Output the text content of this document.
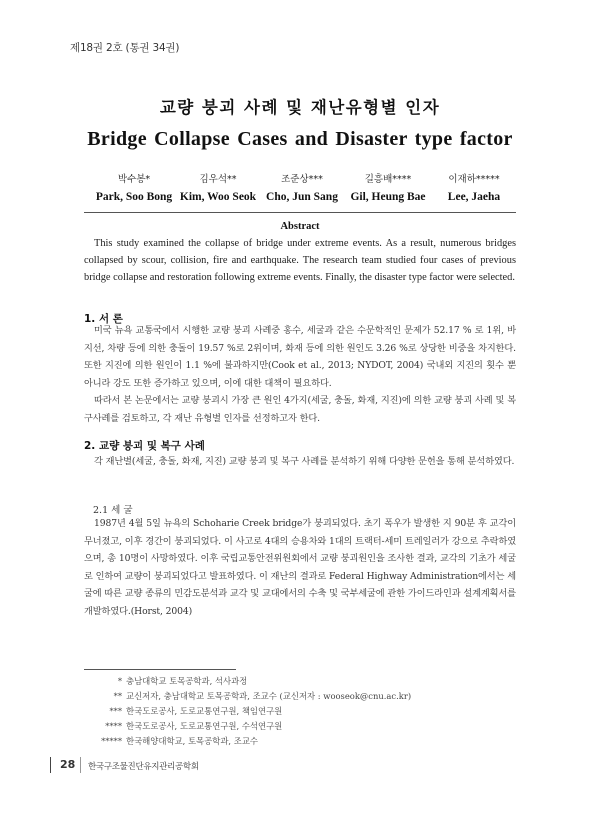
제18권 2호 (통권 34권)
교량 붕괴 사례 및 재난유형별 인자
Bridge Collapse Cases and Disaster type factor
박수봉*
Park, Soo Bong
김우석**
Kim, Woo Seok
조준상***
Cho, Jun Sang
길흥배****
Gil, Heung Bae
이재하*****
Lee, Jaeha
Abstract
This study examined the collapse of bridge under extreme events. As a result, numerous bridges collapsed by scour, collision, fire and earthquake. The research team studied four cases of previous bridge collapse and restoration following extreme events. Finally, the disaster type factor were selected.
1. 서 론
미국 뉴욕 교통국에서 시행한 교량 붕괴 사례중 홍수, 세굴과 같은 수문학적인 문제가 52.17 % 로 1위, 바지선, 차량 등에 의한 충돌이 19.57 %로 2위이며, 화재 등에 의한 원인도 3.26 %로 상당한 비중을 차지한다. 또한 지진에 의한 원인이 1.1 %에 불과하지만(Cook et al., 2013; NYDOT, 2004) 국내외 지진의 횟수 뿐 아니라 강도 또한 증가하고 있으며, 이에 대한 대책이 필요하다.
따라서 본 논문에서는 교량 붕괴시 가장 큰 원인 4가지(세굴, 충돌, 화재, 지진)에 의한 교량 붕괴 사례 및 복구사례를 검토하고, 각 재난 유형별 인자를 선정하고자 한다.
2. 교량 붕괴 및 복구 사례
각 재난별(세굴, 충돌, 화재, 지진) 교량 붕괴 및 복구 사례를 분석하기 위해 다양한 문헌을 통해 분석하였다.
2.1 세 굴
1987년 4월 5일 뉴욕의 Schoharie Creek bridge가 붕괴되었다. 초기 폭우가 발생한 지 90분 후 교각이 무너졌고, 이후 경간이 붕괴되었다. 이 사고로 4대의 승용차와 1대의 트랙터-세미 트레일러가 강으로 추락하였으며, 총 10명이 사망하였다. 이후 국립교통안전위원회에서 교량 붕괴원인을 조사한 결과, 교각의 기초가 세굴로 인하여 교량이 붕괴되었다고 발표하였다. 이 재난의 결과로 Federal Highway Administration에서는 세굴에 따른 교량 종류의 민감도분석과 교각 및 교대에서의 수축 및 국부세굴에 관한 가이드라인과 설계계획서를 개발하였다.(Horst, 2004)
* 충남대학교 토목공학과, 석사과정
** 교신저자, 충남대학교 토목공학과, 조교수 (교신저자 : wooseok@cnu.ac.kr)
*** 한국도로공사, 도로교통연구원, 책임연구원
**** 한국도로공사, 도로교통연구원, 수석연구원
***** 한국해양대학교, 토목공학과, 조교수
28 한국구조물진단유지관리공학회
